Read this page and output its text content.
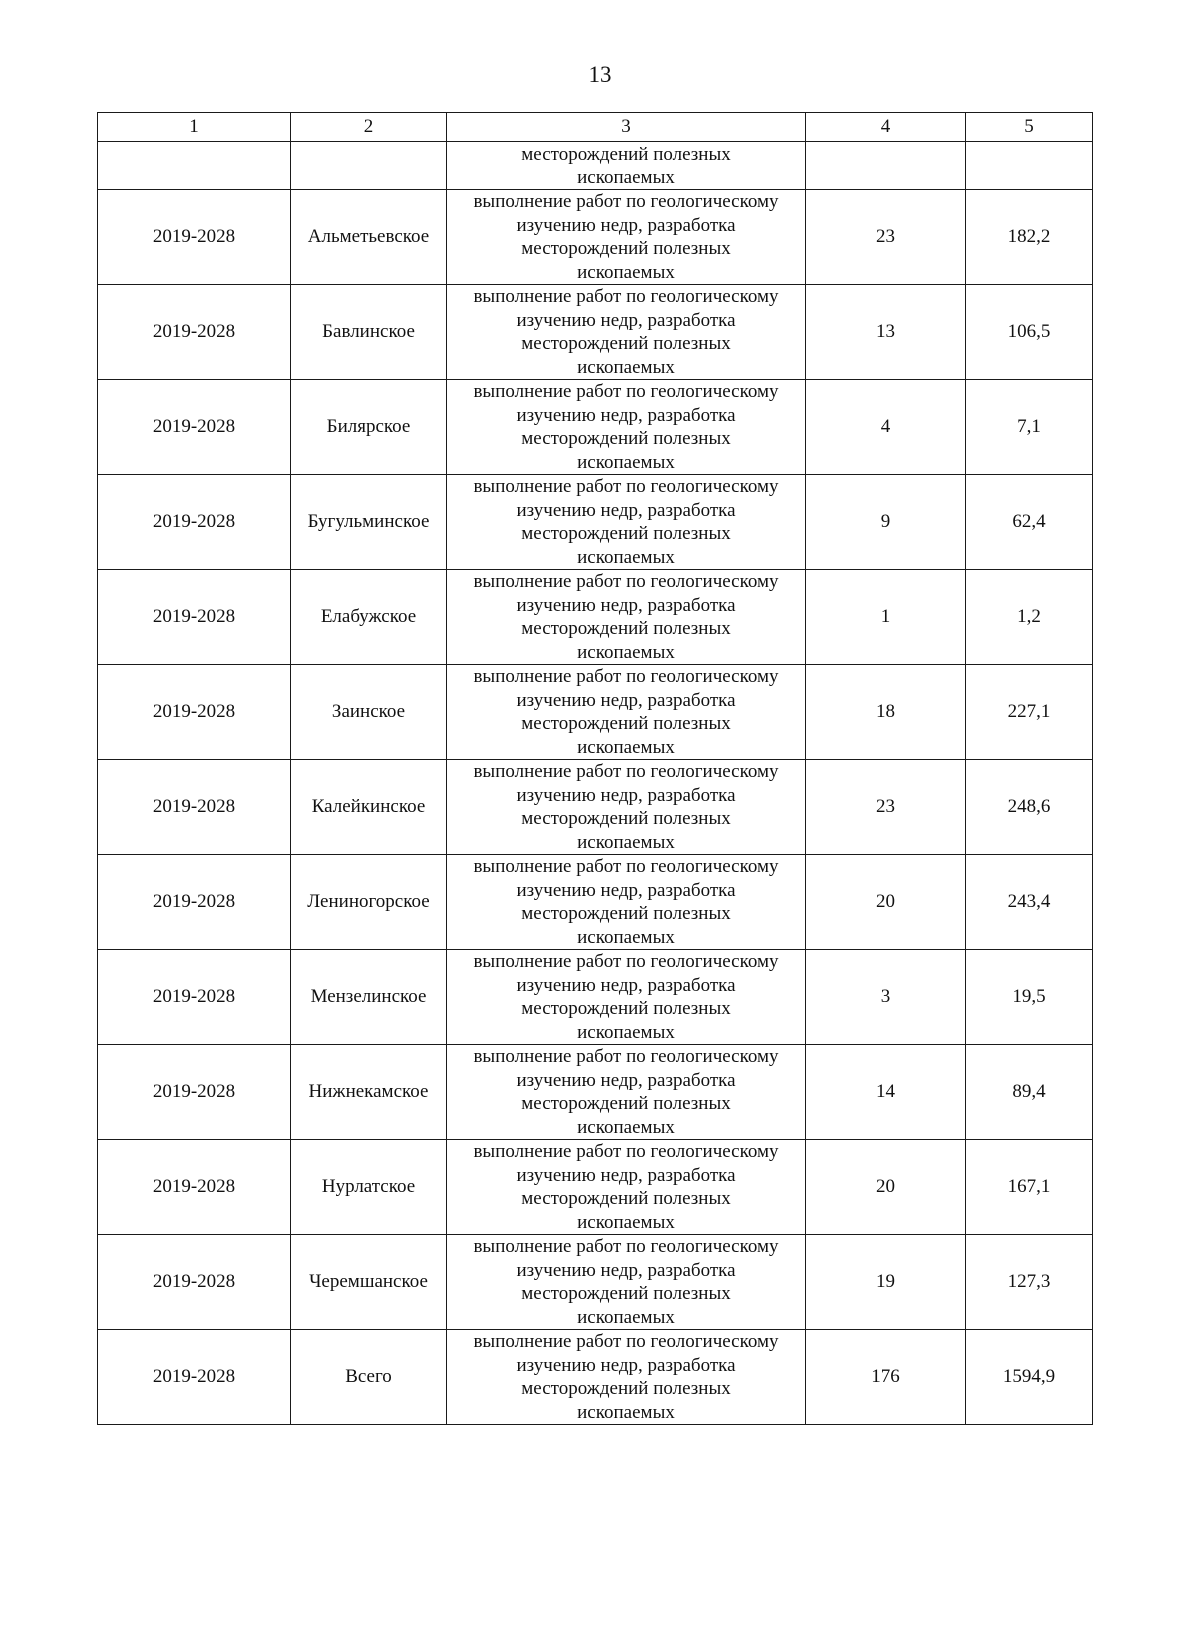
13
1	2	3	4	5

		месторождений полезных
ископаемых		

2019-2028	Альметьевское	выполнение работ по геологическому
изучению недр, разработка
месторождений полезных
ископаемых	23	182,2
2019-2028	Бавлинское	выполнение работ по геологическому
изучению недр, разработка
месторождений полезных
ископаемых	13	106,5
2019-2028	Билярское	выполнение работ по геологическому
изучению недр, разработка
месторождений полезных
ископаемых	4	7,1
2019-2028	Бугульминское	выполнение работ по геологическому
изучению недр, разработка
месторождений полезных
ископаемых	9	62,4
2019-2028	Елабужское	выполнение работ по геологическому
изучению недр, разработка
месторождений полезных
ископаемых	1	1,2
2019-2028	Заинское	выполнение работ по геологическому
изучению недр, разработка
месторождений полезных
ископаемых	18	227,1
2019-2028	Калейкинское	выполнение работ по геологическому
изучению недр, разработка
месторождений полезных
ископаемых	23	248,6
2019-2028	Лениногорское	выполнение работ по геологическому
изучению недр, разработка
месторождений полезных
ископаемых	20	243,4
2019-2028	Мензелинское	выполнение работ по геологическому
изучению недр, разработка
месторождений полезных
ископаемых	3	19,5
2019-2028	Нижнекамское	выполнение работ по геологическому
изучению недр, разработка
месторождений полезных
ископаемых	14	89,4
2019-2028	Нурлатское	выполнение работ по геологическому
изучению недр, разработка
месторождений полезных
ископаемых	20	167,1
2019-2028	Черемшанское	выполнение работ по геологическому
изучению недр, разработка
месторождений полезных
ископаемых	19	127,3
2019-2028	Всего	выполнение работ по геологическому
изучению недр, разработка
месторождений полезных
ископаемых	176	1594,9
